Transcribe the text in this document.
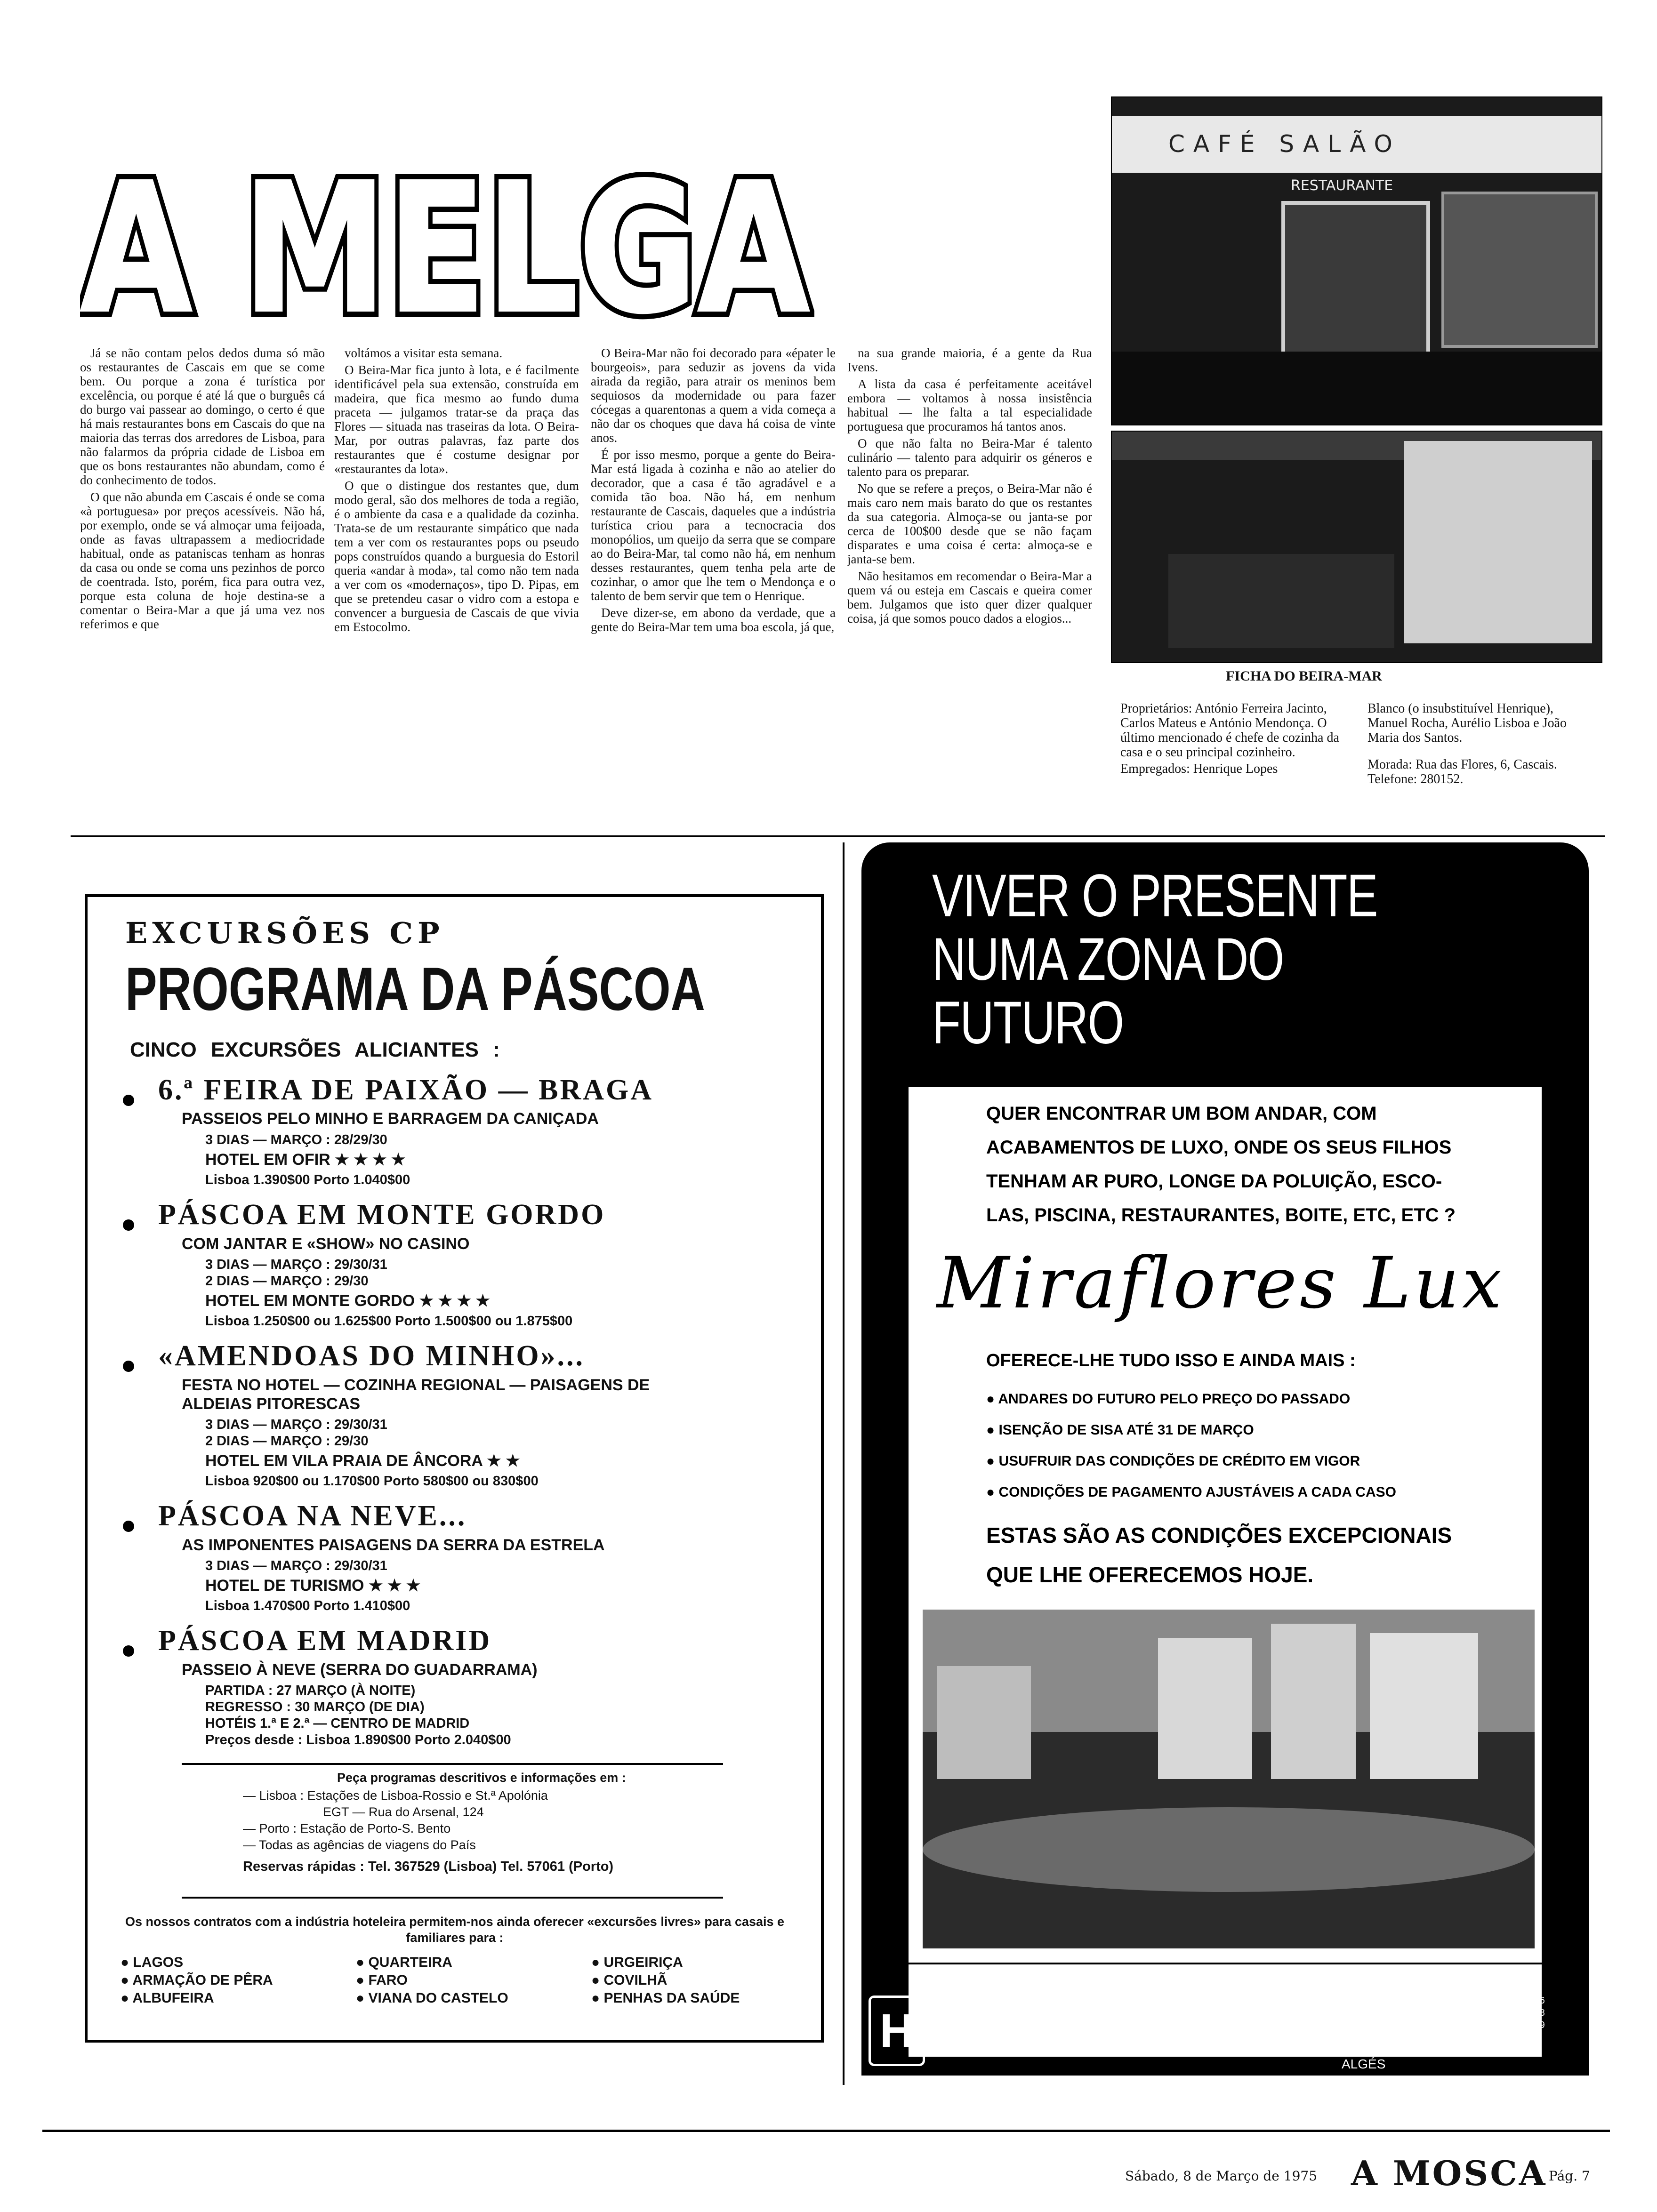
A MELGA
A MELGA

Já se não contam pelos dedos duma só mão os restaurantes de Cascais em que se come bem. Ou porque a zona é turística por excelência, ou porque é até lá que o burguês cá do burgo vai passear ao domingo, o certo é que há mais restaurantes bons em Cascais do que na maioria das terras dos arredores de Lisboa, para não falarmos da própria cidade de Lisboa em que os bons restaurantes não abundam, como é do conhecimento de todos.

O que não abunda em Cascais é onde se coma «à portuguesa» por preços acessíveis. Não há, por exemplo, onde se vá almoçar uma feijoada, onde as favas ultrapassem a mediocridade habitual, onde as pataniscas tenham as honras da casa ou onde se coma uns pezinhos de porco de coentrada. Isto, porém, fica para outra vez, porque esta coluna de hoje destina-se a comentar o Beira-Mar a que já uma vez nos referimos e que

voltámos a visitar esta semana.

O Beira-Mar fica junto à lota, e é facilmente identificável pela sua extensão, construída em madeira, que fica mesmo ao fundo duma pracetа — julgamos tratar-se da praça das Flores — situada nas traseiras da lota. O Beira-Mar, por outras palavras, faz parte dos restaurantes que é costume designar por «restaurantes da lota».

O que o distingue dos restantes que, dum modo geral, são dos melhores de toda a região, é o ambiente da casa e a qualidade da cozinha. Trata-se de um restaurante simpático que nada tem a ver com os restaurantes pops ou pseudo pops construídos quando a burguesia do Estoril queria «andar à moda», tal como não tem nada a ver com os «modernaços», tipo D. Pipas, em que se pretendeu casar o vidro com a estopa e convencer a burguesia de Cascais de que vivia em Estocolmo.

O Beira-Mar não foi decorado para «épater le bourgeois», para seduzir as jovens da vida airada da região, para atrair os meninos bem sequiosos da modernidade ou para fazer cócegas a quarentonas a quem a vida começa a não dar os choques que dava há coisa de vinte anos.

É por isso mesmo, porque a gente do Beira-Mar está ligada à cozinha e não ao atelier do decorador, que a casa é tão agradável e a comida tão boa. Não há, em nenhum restaurante de Cascais, daqueles que a indústria turística criou para a tecnocracia dos monopólios, um queijo da serra que se compare ao do Beira-Mar, tal como não há, em nenhum desses restaurantes, quem tenha pela arte de cozinhar, o amor que lhe tem o Mendonça e o talento de bem servir que tem o Henrique.

Deve dizer-se, em abono da verdade, que a gente do Beira-Mar tem uma boa escola, já que,

na sua grande maioria, é a gente da Rua Ivens.

A lista da casa é perfeitamente aceitável embora — voltamos à nossa insistência habitual — lhe falta a tal especialidade portuguesa que procuramos há tantos anos.

O que não falta no Beira-Mar é talento culinário — talento para adquirir os géneros e talento para os preparar.

No que se refere a preços, o Beira-Mar não é mais caro nem mais barato do que os restantes da sua categoria. Almoça-se ou janta-se por cerca de 100$00 desde que se não façam disparates e uma coisa é certa: almoça-se e janta-se bem.

Não hesitamos em recomendar o Beira-Mar a quem vá ou esteja em Cascais e queira comer bem. Julgamos que isto quer dizer qualquer coisa, já que somos pouco dados a elogios...

CAFÉ SALÃO
RESTAURANTE
FICHA DO BEIRA-MAR
Proprietários: António Ferreira Jacinto, Carlos Mateus e António Mendonça. O último mencionado é chefe de cozinha da casa e o seu principal cozinheiro.
Empregados: Henrique Lopes
Blanco (o insubstituível Henrique), Manuel Rocha, Aurélio Lisboa e João Maria dos Santos.
Morada: Rua das Flores, 6, Cascais.
Telefone: 280152.
EXCURSÕES CP
PROGRAMA DA PÁSCOA
CINCO EXCURSÕES ALICIANTES :
6.ª FEIRA DE PAIXÃO — BRAGA
PASSEIOS PELO MINHO E BARRAGEM DA CANIÇADA
3 DIAS — MARÇO : 28/29/30
HOTEL EM OFIR ★ ★ ★ ★
Lisboa 1.390$00 Porto 1.040$00
PÁSCOA EM MONTE GORDO
COM JANTAR E «SHOW» NO CASINO
3 DIAS — MARÇO : 29/30/31
2 DIAS — MARÇO : 29/30
HOTEL EM MONTE GORDO ★ ★ ★ ★
Lisboa 1.250$00 ou 1.625$00 Porto 1.500$00 ou 1.875$00
«AMENDOAS DO MINHO»...
FESTA NO HOTEL — COZINHA REGIONAL — PAISAGENS DE
ALDEIAS PITORESCAS
3 DIAS — MARÇO : 29/30/31
2 DIAS — MARÇO : 29/30
HOTEL EM VILA PRAIA DE ÂNCORA ★ ★
Lisboa 920$00 ou 1.170$00 Porto 580$00 ou 830$00
PÁSCOA NA NEVE...
AS IMPONENTES PAISAGENS DA SERRA DA ESTRELA
3 DIAS — MARÇO : 29/30/31
HOTEL DE TURISMO ★ ★ ★
Lisboa 1.470$00 Porto 1.410$00
PÁSCOA EM MADRID
PASSEIO À NEVE (SERRA DO GUADARRAMA)
PARTIDA : 27 MARÇO (À NOITE)
REGRESSO : 30 MARÇO (DE DIA)
HOTÉIS 1.ª E 2.ª — CENTRO DE MADRID
Preços desde : Lisboa 1.890$00 Porto 2.040$00
Peça programas descritivos e informações em :
— Lisboa : Estações de Lisboa-Rossio e St.ª Apolónia
EGT — Rua do Arsenal, 124
— Porto : Estação de Porto-S. Bento
— Todas as agências de viagens do País
Reservas rápidas : Tel. 367529 (Lisboa) Tel. 57061 (Porto)
Os nossos contratos com a indústria hoteleira permitem-nos ainda oferecer «excursões livres» para casais e familiares para :
● LAGOS	● QUARTEIRA	● URGEIRIÇA
● ARMAÇÃO DE PÊRA	● FARO	● COVILHÃ
● ALBUFEIRA	● VIANA DO CASTELO	● PENHAS DA SAÚDE
VIVER O PRESENTE
NUMA ZONA DO
FUTURO
QUER ENCONTRAR UM BOM ANDAR, COM
ACABAMENTOS DE LUXO, ONDE OS SEUS FILHOS
TENHAM AR PURO, LONGE DA POLUIÇÃO, ESCO-
LAS, PISCINA, RESTAURANTES, BOITE, ETC, ETC ?
Miraflores Lux
OFERECE-LHE TUDO ISSO E AINDA MAIS :
● ANDARES DO FUTURO PELO PREÇO DO PASSADO
● ISENÇÃO DE SISA ATÉ 31 DE MARÇO
● USUFRUIR DAS CONDIÇÕES DE CRÉDITO EM VIGOR
● CONDIÇÕES DE PAGAMENTO AJUSTÁVEIS A CADA CASO
ESTAS SÃO AS CONDIÇÕES EXCEPCIONAIS
QUE LHE OFERECEMOS HOJE.
HABITAT	PROMOÇÃO E VENDAS
H	EMPREENDIMENTOS IMOBILIÁRIOS
S.A.R.L.
AV. DAS TULIPAS, LOTE 10 TEL.ES
215756
216768
216749
PARQUE RESIDENCIAL MIRAFLORES
ALGÉS
Sábado, 8 de Março de 1975 A MOSCA Pág. 7
